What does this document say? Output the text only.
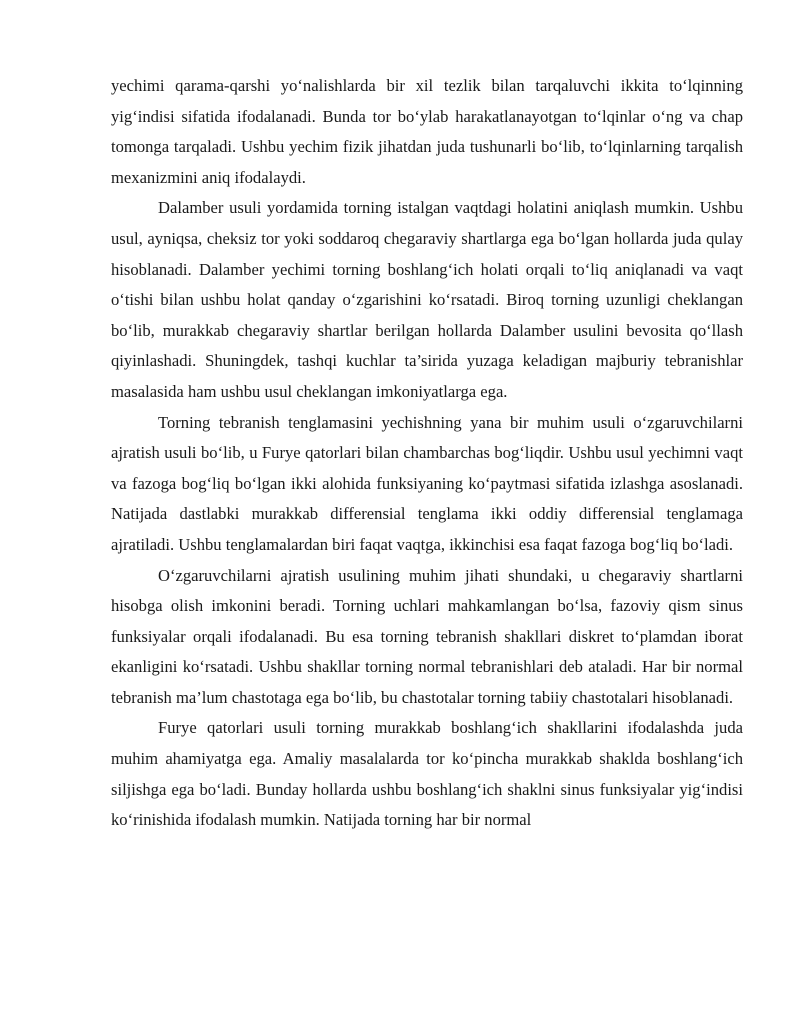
yechimi qarama-qarshi yo‘nalishlarda bir xil tezlik bilan tarqaluvchi ikkita to‘lqinning yig‘indisi sifatida ifodalanadi. Bunda tor bo‘ylab harakatlanayotgan to‘lqinlar o‘ng va chap tomonga tarqaladi. Ushbu yechim fizik jihatdan juda tushunarli bo‘lib, to‘lqinlarning tarqalish mexanizmini aniq ifodalaydi.

Dalamber usuli yordamida torning istalgan vaqtdagi holatini aniqlash mumkin. Ushbu usul, ayniqsa, cheksiz tor yoki soddaroq chegaraviy shartlarga ega bo‘lgan hollarda juda qulay hisoblanadi. Dalamber yechimi torning boshlang‘ich holati orqali to‘liq aniqlanadi va vaqt o‘tishi bilan ushbu holat qanday o‘zgarishini ko‘rsatadi. Biroq torning uzunligi cheklangan bo‘lib, murakkab chegaraviy shartlar berilgan hollarda Dalamber usulini bevosita qo‘llash qiyinlashadi. Shuningdek, tashqi kuchlar ta’sirida yuzaga keladigan majburiy tebranishlar masalasida ham ushbu usul cheklangan imkoniyatlarga ega.

Torning tebranish tenglamasini yechishning yana bir muhim usuli o‘zgaruvchilarni ajratish usuli bo‘lib, u Furye qatorlari bilan chambarchas bog‘liqdir. Ushbu usul yechimni vaqt va fazoga bog‘liq bo‘lgan ikki alohida funksiyaning ko‘paytmasi sifatida izlashga asoslanadi. Natijada dastlabki murakkab differensial tenglama ikki oddiy differensial tenglamaga ajratiladi. Ushbu tenglamalardan biri faqat vaqtga, ikkinchisi esa faqat fazoga bog‘liq bo‘ladi.

O‘zgaruvchilarni ajratish usulining muhim jihati shundaki, u chegaraviy shartlarni hisobga olish imkonini beradi. Torning uchlari mahkamlangan bo‘lsa, fazoviy qism sinus funksiyalar orqali ifodalanadi. Bu esa torning tebranish shakllari diskret to‘plamdan iborat ekanligini ko‘rsatadi. Ushbu shakllar torning normal tebranishlari deb ataladi. Har bir normal tebranish ma’lum chastotaga ega bo‘lib, bu chastotalar torning tabiiy chastotalari hisoblanadi.

Furye qatorlari usuli torning murakkab boshlang‘ich shakllarini ifodalashda juda muhim ahamiyatga ega. Amaliy masalalarda tor ko‘pincha murakkab shaklda boshlang‘ich siljishga ega bo‘ladi. Bunday hollarda ushbu boshlang‘ich shaklni sinus funksiyalar yig‘indisi ko‘rinishida ifodalash mumkin. Natijada torning har bir normal
